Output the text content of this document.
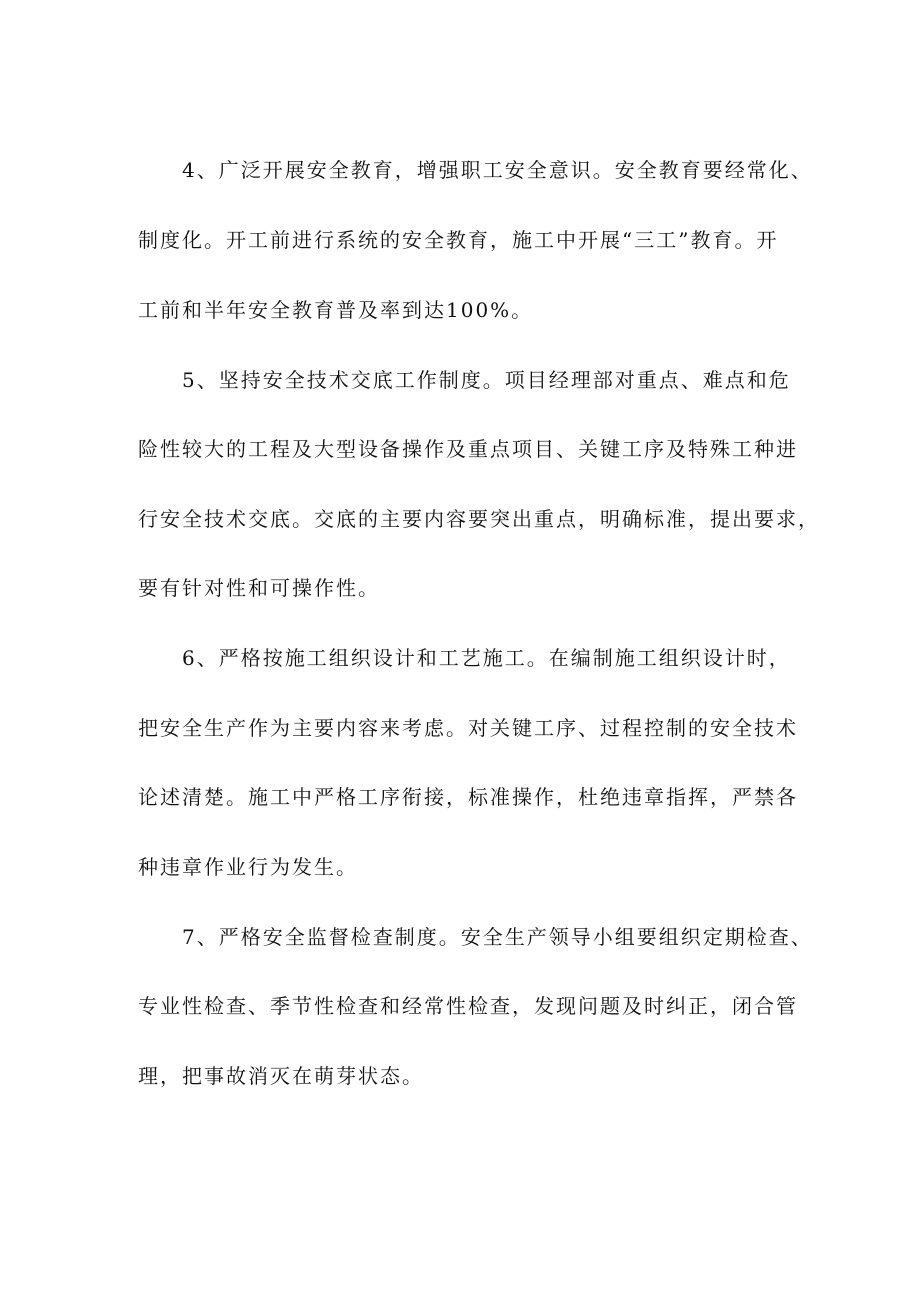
4、广泛开展安全教育，增强职工安全意识。安全教育要经常化、
制度化。开工前进行系统的安全教育，施工中开展“三工”教育。开
工前和半年安全教育普及率到达100%。
5、坚持安全技术交底工作制度。项目经理部对重点、难点和危
险性较大的工程及大型设备操作及重点项目、关键工序及特殊工种进
行安全技术交底。交底的主要内容要突出重点，明确标准，提出要求，
要有针对性和可操作性。
6、严格按施工组织设计和工艺施工。在编制施工组织设计时，
把安全生产作为主要内容来考虑。对关键工序、过程控制的安全技术
论述清楚。施工中严格工序衔接，标准操作，杜绝违章指挥，严禁各
种违章作业行为发生。
7、严格安全监督检查制度。安全生产领导小组要组织定期检查、
专业性检查、季节性检查和经常性检查，发现问题及时纠正，闭合管
理，把事故消灭在萌芽状态。
